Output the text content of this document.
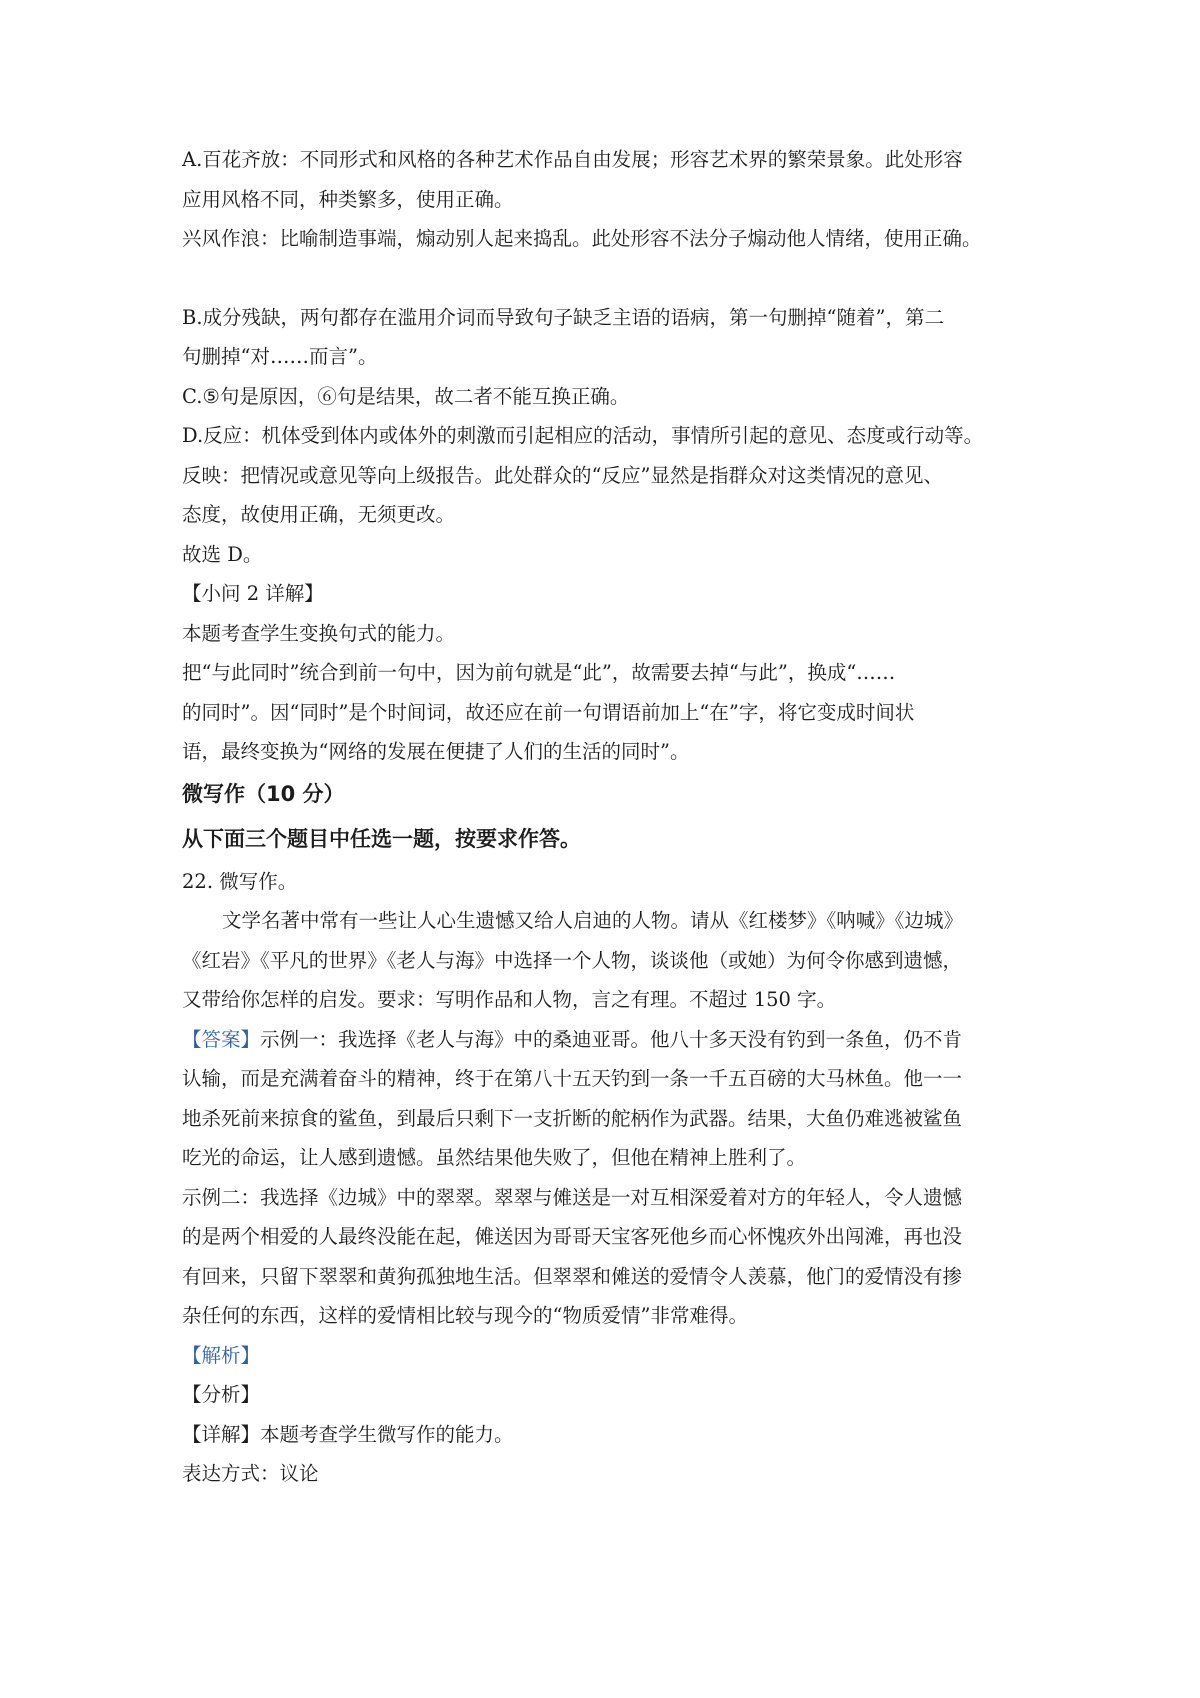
A.百花齐放：不同形式和风格的各种艺术作品自由发展；形容艺术界的繁荣景象。此处形容
应用风格不同，种类繁多，使用正确。
兴风作浪：比喻制造事端，煽动别人起来捣乱。此处形容不法分子煽动他人情绪，使用正确。
B.成分残缺，两句都存在滥用介词而导致句子缺乏主语的语病，第一句删掉“随着”，第二
句删掉“对……而言”。
C.⑤句是原因，⑥句是结果，故二者不能互换正确。
D.反应：机体受到体内或体外的刺激而引起相应的活动，事情所引起的意见、态度或行动等。
反映：把情况或意见等向上级报告。此处群众的“反应”显然是指群众对这类情况的意见、
态度，故使用正确，无须更改。
故选 D。
【小问 2 详解】
本题考查学生变换句式的能力。
把“与此同时”统合到前一句中，因为前句就是“此”，故需要去掉“与此”，换成“……
的同时”。因“同时”是个时间词，故还应在前一句谓语前加上“在”字，将它变成时间状
语，最终变换为“网络的发展在便捷了人们的生活的同时”。
微写作（10 分）
从下面三个题目中任选一题，按要求作答。
22. 微写作。
文学名著中常有一些让人心生遗憾又给人启迪的人物。请从《红楼梦》《呐喊》《边城》
《红岩》《平凡的世界》《老人与海》中选择一个人物，谈谈他（或她）为何令你感到遗憾，
又带给你怎样的启发。要求：写明作品和人物，言之有理。不超过 150 字。
【答案】示例一：我选择《老人与海》中的桑迪亚哥。他八十多天没有钓到一条鱼，仍不肯
认输，而是充满着奋斗的精神，终于在第八十五天钓到一条一千五百磅的大马林鱼。他一一
地杀死前来掠食的鲨鱼，到最后只剩下一支折断的舵柄作为武器。结果，大鱼仍难逃被鲨鱼
吃光的命运，让人感到遗憾。虽然结果他失败了，但他在精神上胜利了。
示例二：我选择《边城》中的翠翠。翠翠与傩送是一对互相深爱着对方的年轻人，令人遗憾
的是两个相爱的人最终没能在起，傩送因为哥哥天宝客死他乡而心怀愧疚外出闯滩，再也没
有回来，只留下翠翠和黄狗孤独地生活。但翠翠和傩送的爱情令人羡慕，他门的爱情没有掺
杂任何的东西，这样的爱情相比较与现今的“物质爱情”非常难得。
【解析】
【分析】
【详解】本题考查学生微写作的能力。
表达方式：议论
